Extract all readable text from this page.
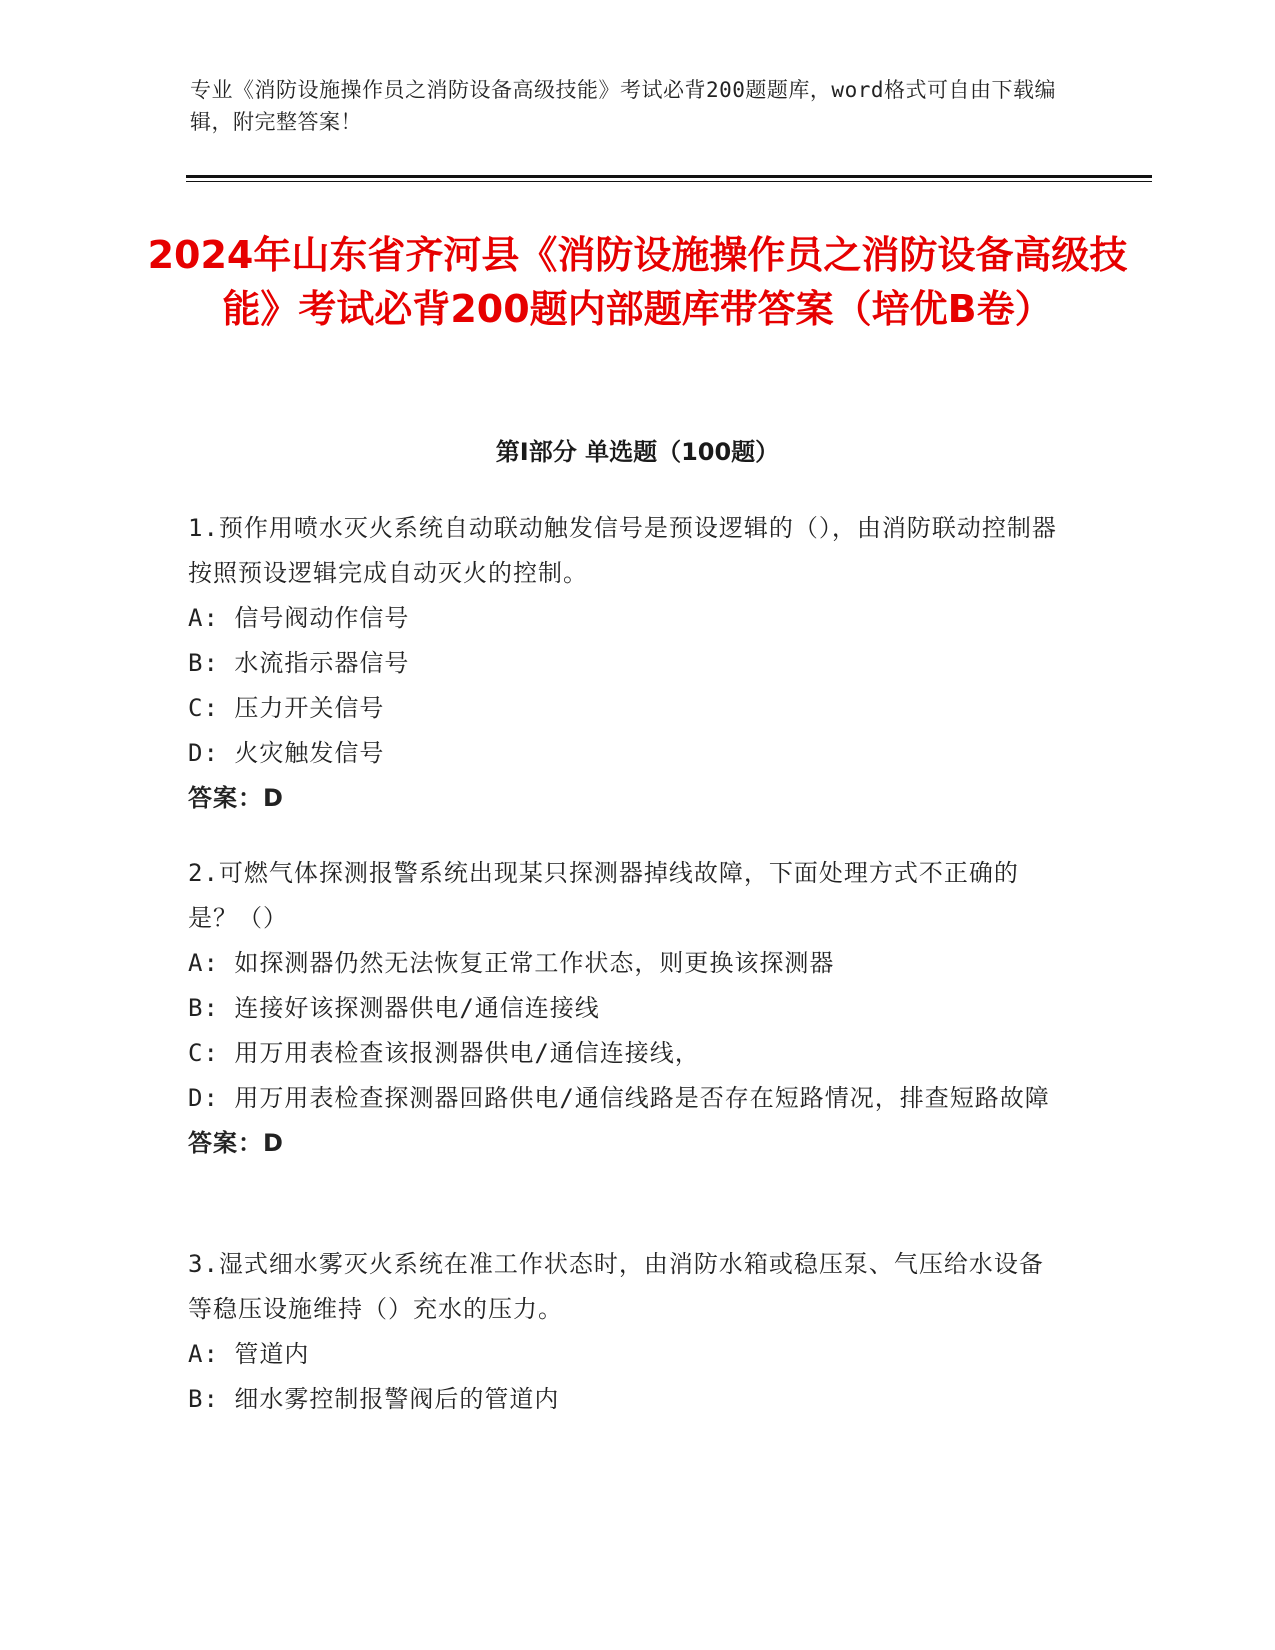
专业《消防设施操作员之消防设备高级技能》考试必背200题题库，word格式可自由下载编辑，附完整答案！
2024年山东省齐河县《消防设施操作员之消防设备高级技能》考试必背200题内部题库带答案（培优B卷）
第Ⅰ部分 单选题（100题）

1.预作用喷水灭火系统自动联动触发信号是预设逻辑的（），由消防联动控制器按照预设逻辑完成自动灭火的控制。

A: 信号阀动作信号

B: 水流指示器信号

C: 压力开关信号

D: 火灾触发信号

答案：D

2.可燃气体探测报警系统出现某只探测器掉线故障，下面处理方式不正确的是？（）

A: 如探测器仍然无法恢复正常工作状态，则更换该探测器

B: 连接好该探测器供电/通信连接线

C: 用万用表检查该报测器供电/通信连接线，

D: 用万用表检查探测器回路供电/通信线路是否存在短路情况，排查短路故障

答案：D

3.湿式细水雾灭火系统在准工作状态时，由消防水箱或稳压泵、气压给水设备等稳压设施维持（）充水的压力。

A: 管道内

B: 细水雾控制报警阀后的管道内
